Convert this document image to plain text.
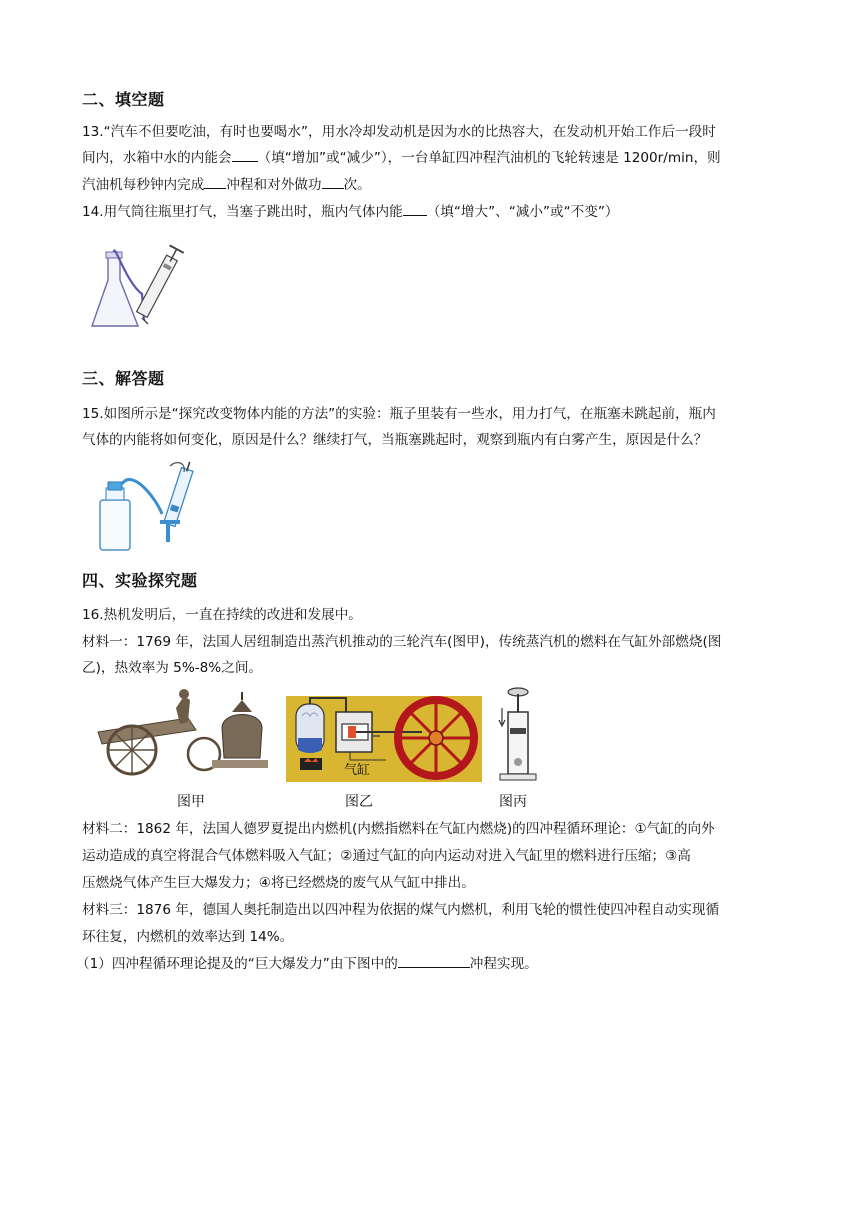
二、填空题
13.“汽车不但要吃油，有时也要喝水”，用水冷却发动机是因为水的比热容大，在发动机开始工作后一段时
间内，水箱中水的内能会 （填“增加”或“减少”），一台单缸四冲程汽油机的飞轮转速是 1200r/min，则
汽油机每秒钟内完成 冲程和对外做功 次。
14.用气筒往瓶里打气，当塞子跳出时，瓶内气体内能 （填“增大”、“减小”或“不变”）
三、解答题
15.如图所示是“探究改变物体内能的方法”的实验：瓶子里装有一些水，用力打气，在瓶塞未跳起前，瓶内
气体的内能将如何变化，原因是什么？继续打气，当瓶塞跳起时，观察到瓶内有白雾产生，原因是什么？
四、实验探究题
16.热机发明后，一直在持续的改进和发展中。
材料一：1769 年，法国人居纽制造出蒸汽机推动的三轮汽车(图甲)，传统蒸汽机的燃料在气缸外部燃烧(图
乙)，热效率为 5%-8%之间。
气缸
图甲	图乙	图丙
材料二：1862 年，法国人德罗夏提出内燃机(内燃指燃料在气缸内燃烧)的四冲程循环理论：①气缸的向外
运动造成的真空将混合气体燃料吸入气缸；②通过气缸的向内运动对进入气缸里的燃料进行压缩；③高
压燃烧气体产生巨大爆发力；④将已经燃烧的废气从气缸中排出。
材料三：1876 年，德国人奥托制造出以四冲程为依据的煤气内燃机，利用飞轮的惯性使四冲程自动实现循
环往复，内燃机的效率达到 14%。
（1）四冲程循环理论提及的“巨大爆发力”由下图中的	冲程实现。
